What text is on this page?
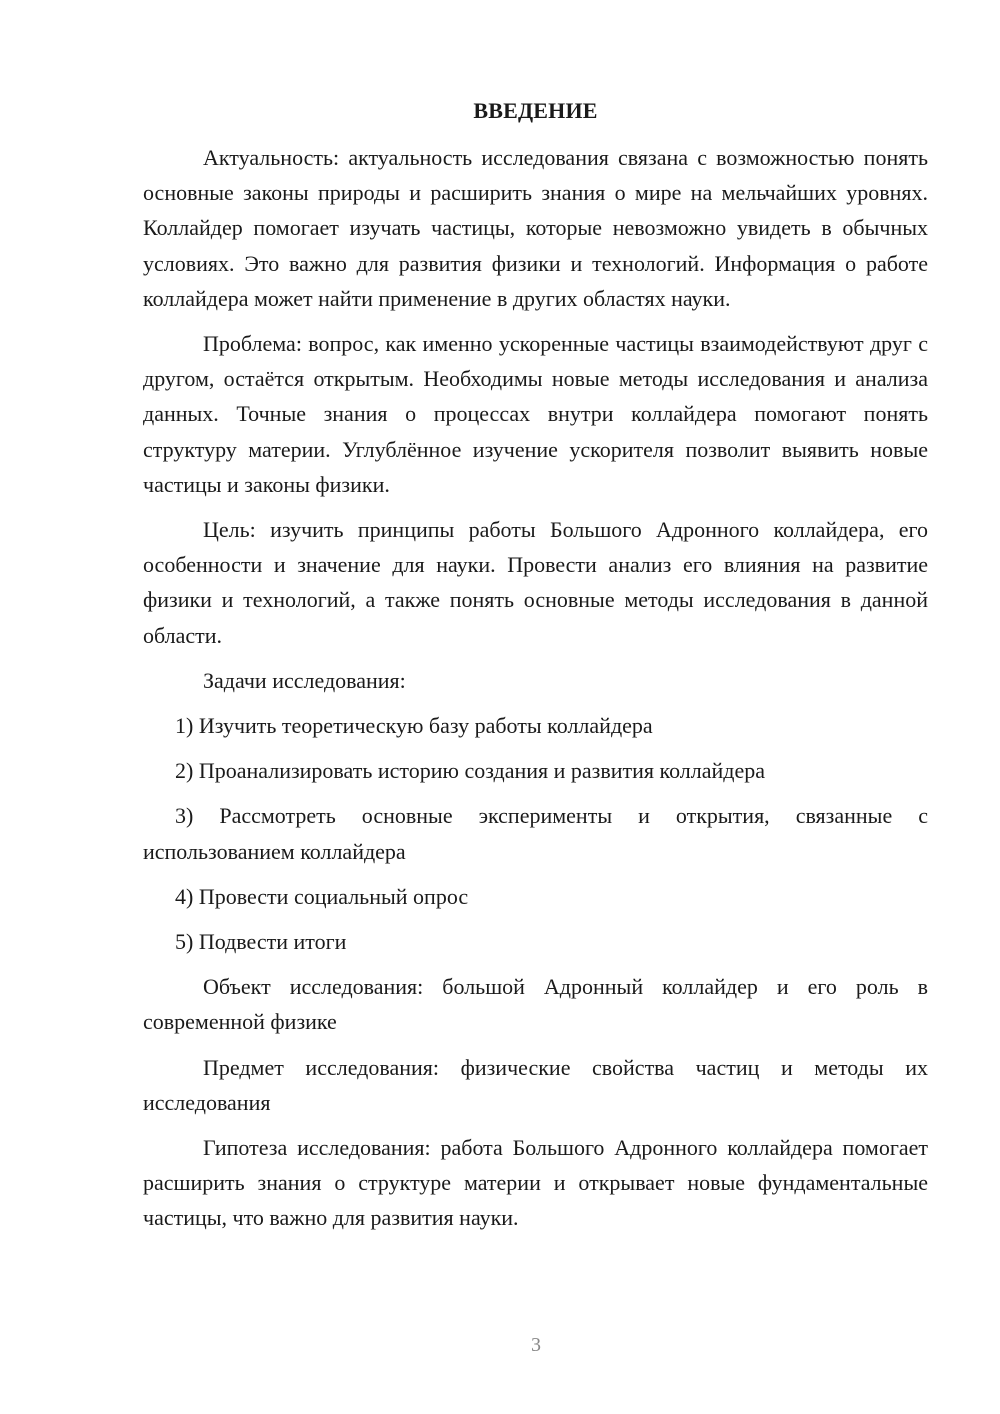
ВВЕДЕНИЕ

Актуальность: актуальность исследования связана с возможностью понять основные законы природы и расширить знания о мире на мельчайших уровнях. Коллайдер помогает изучать частицы, которые невозможно увидеть в обычных условиях. Это важно для развития физики и технологий. Информация о работе коллайдера может найти применение в других областях науки.

Проблема: вопрос, как именно ускоренные частицы взаимодействуют друг с другом, остаётся открытым. Необходимы новые методы исследования и анализа данных. Точные знания о процессах внутри коллайдера помогают понять структуру материи. Углублённое изучение ускорителя позволит выявить новые частицы и законы физики.

Цель: изучить принципы работы Большого Адронного коллайдера, его особенности и значение для науки. Провести анализ его влияния на развитие физики и технологий, а также понять основные методы исследования в данной области.

Задачи исследования:

1) Изучить теоретическую базу работы коллайдера

2) Проанализировать историю создания и развития коллайдера

3) Рассмотреть основные эксперименты и открытия, связанные с использованием коллайдера

4) Провести социальный опрос

5) Подвести итоги

Объект исследования: большой Адронный коллайдер и его роль в современной физике

Предмет исследования: физические свойства частиц и методы их исследования

Гипотеза исследования: работа Большого Адронного коллайдера помогает расширить знания о структуре материи и открывает новые фундаментальные частицы, что важно для развития науки.

3
